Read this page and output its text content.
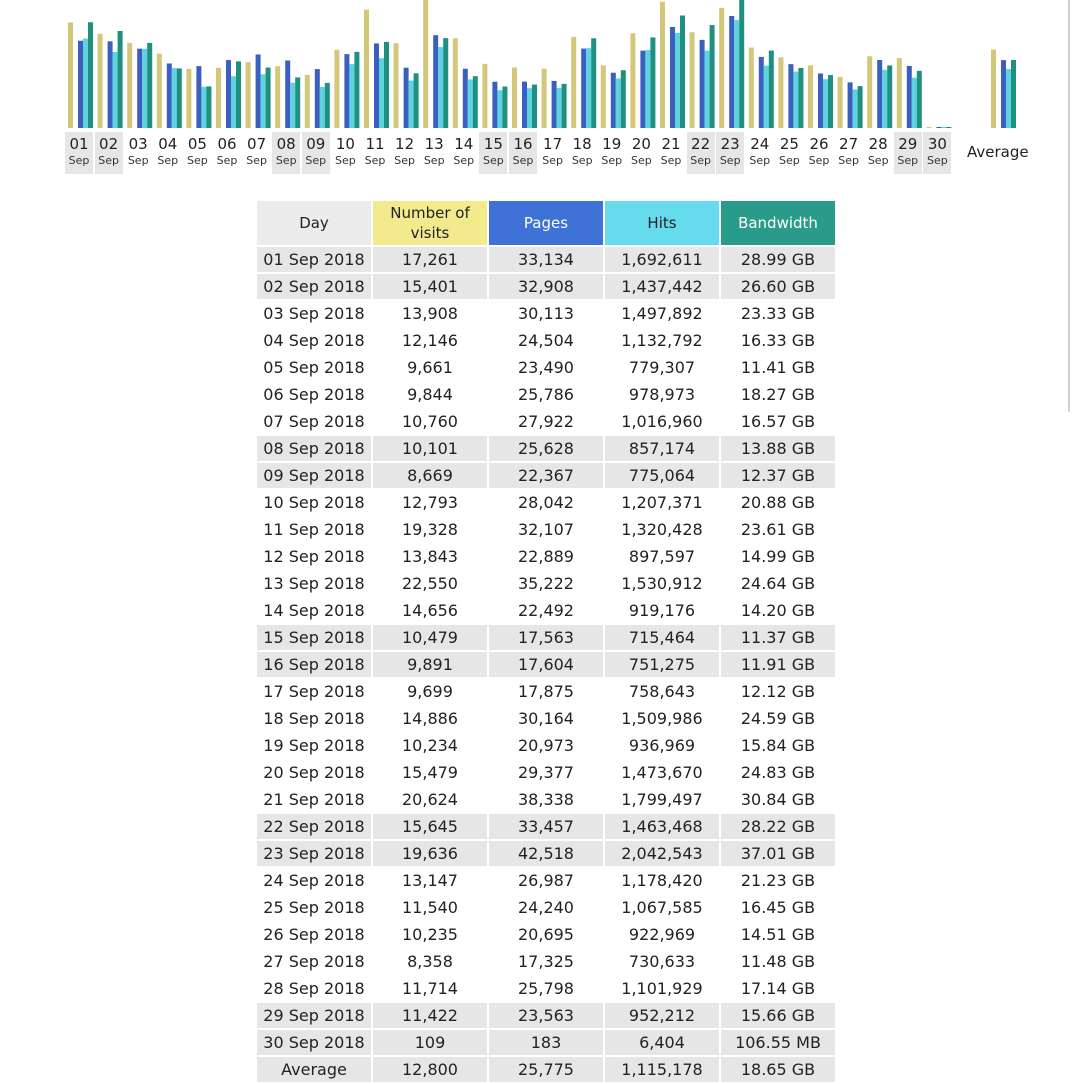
01
Sep
02
Sep
03
Sep
04
Sep
05
Sep
06
Sep
07
Sep
08
Sep
09
Sep
10
Sep
11
Sep
12
Sep
13
Sep
14
Sep
15
Sep
16
Sep
17
Sep
18
Sep
19
Sep
20
Sep
21
Sep
22
Sep
23
Sep
24
Sep
25
Sep
26
Sep
27
Sep
28
Sep
29
Sep
30
Sep Average
Day	Number of visits	Pages	Hits	Bandwidth
01 Sep 2018	17,261	33,134	1,692,611	28.99 GB
02 Sep 2018	15,401	32,908	1,437,442	26.60 GB
03 Sep 2018	13,908	30,113	1,497,892	23.33 GB
04 Sep 2018	12,146	24,504	1,132,792	16.33 GB
05 Sep 2018	9,661	23,490	779,307	11.41 GB
06 Sep 2018	9,844	25,786	978,973	18.27 GB
07 Sep 2018	10,760	27,922	1,016,960	16.57 GB
08 Sep 2018	10,101	25,628	857,174	13.88 GB
09 Sep 2018	8,669	22,367	775,064	12.37 GB
10 Sep 2018	12,793	28,042	1,207,371	20.88 GB
11 Sep 2018	19,328	32,107	1,320,428	23.61 GB
12 Sep 2018	13,843	22,889	897,597	14.99 GB
13 Sep 2018	22,550	35,222	1,530,912	24.64 GB
14 Sep 2018	14,656	22,492	919,176	14.20 GB
15 Sep 2018	10,479	17,563	715,464	11.37 GB
16 Sep 2018	9,891	17,604	751,275	11.91 GB
17 Sep 2018	9,699	17,875	758,643	12.12 GB
18 Sep 2018	14,886	30,164	1,509,986	24.59 GB
19 Sep 2018	10,234	20,973	936,969	15.84 GB
20 Sep 2018	15,479	29,377	1,473,670	24.83 GB
21 Sep 2018	20,624	38,338	1,799,497	30.84 GB
22 Sep 2018	15,645	33,457	1,463,468	28.22 GB
23 Sep 2018	19,636	42,518	2,042,543	37.01 GB
24 Sep 2018	13,147	26,987	1,178,420	21.23 GB
25 Sep 2018	11,540	24,240	1,067,585	16.45 GB
26 Sep 2018	10,235	20,695	922,969	14.51 GB
27 Sep 2018	8,358	17,325	730,633	11.48 GB
28 Sep 2018	11,714	25,798	1,101,929	17.14 GB
29 Sep 2018	11,422	23,563	952,212	15.66 GB
30 Sep 2018	109	183	6,404	106.55 MB
Average	12,800	25,775	1,115,178	18.65 GB
